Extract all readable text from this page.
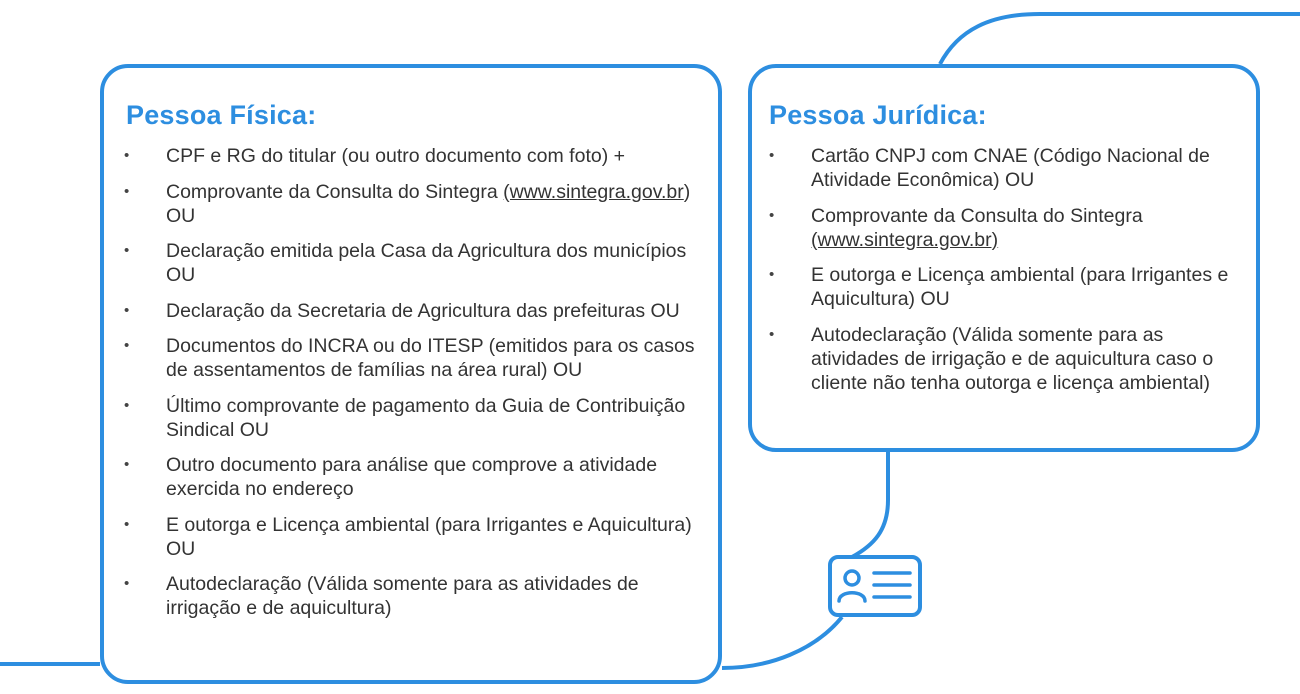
Pessoa Física:
• CPF e RG do titular (ou outro documento com foto) +
• Comprovante da Consulta do Sintegra (www.sintegra.gov.br) OU
• Declaração emitida pela Casa da Agricultura dos municípios OU
• Declaração da Secretaria de Agricultura das prefeituras OU
• Documentos do INCRA ou do ITESP (emitidos para os casos de assentamentos de famílias na área rural) OU
• Último comprovante de pagamento da Guia de Contribuição Sindical OU
• Outro documento para análise que comprove a atividade exercida no endereço
• E outorga e Licença ambiental (para Irrigantes e Aquicultura) OU
• Autodeclaração (Válida somente para as atividades de irrigação e de aquicultura)
Pessoa Jurídica:
• Cartão CNPJ com CNAE (Código Nacional de Atividade Econômica) OU
• Comprovante da Consulta do Sintegra (www.sintegra.gov.br)
• E outorga e Licença ambiental (para Irrigantes e Aquicultura) OU
• Autodeclaração (Válida somente para as atividades de irrigação e de aquicultura caso o cliente não tenha outorga e licença ambiental)
